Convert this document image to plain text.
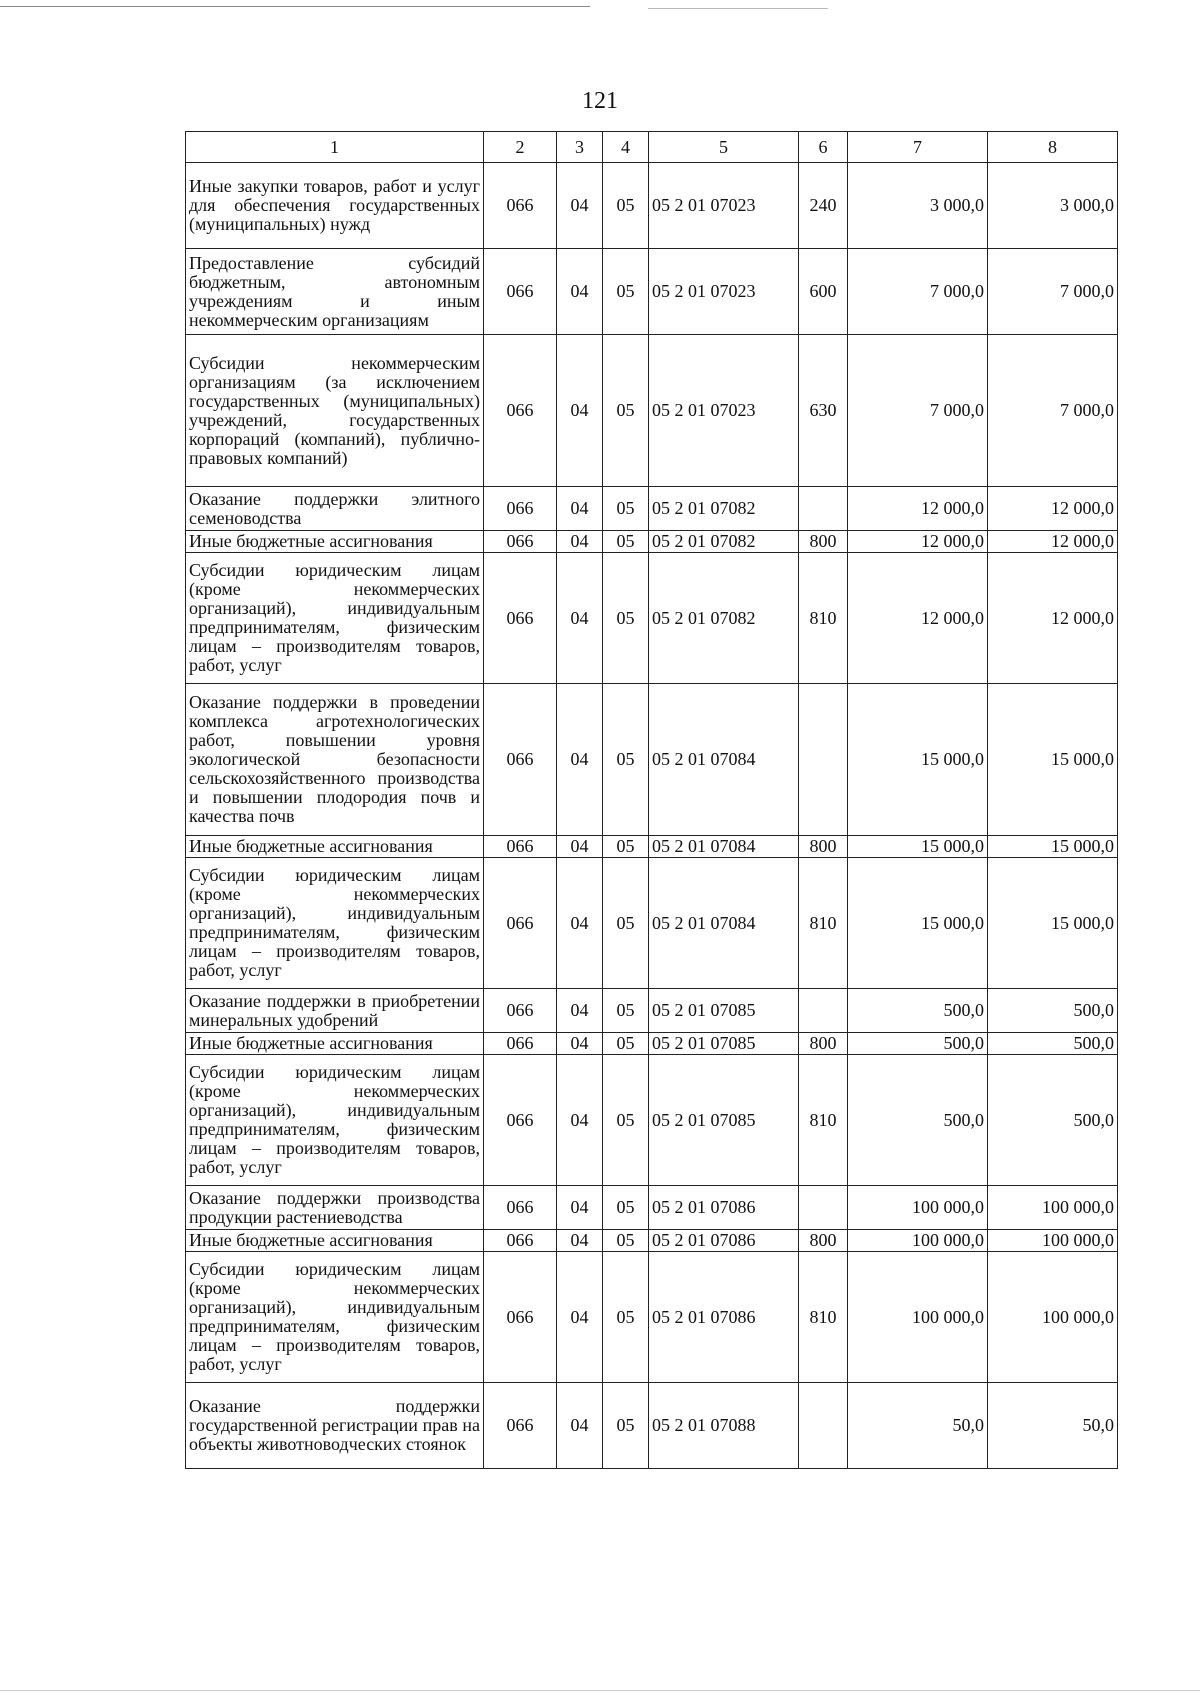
121
1	2	3	4	5	6	7	8
Иные закупки товаров, работ и услуг для обеспечения государственных (муниципальных) нужд	066	04	05	05 2 01 07023	240	3 000,0	3 000,0
Предоставление субсидий бюджетным, автономным учреждениям и иным некоммерческим организациям	066	04	05	05 2 01 07023	600	7 000,0	7 000,0
Субсидии некоммерческим организациям (за исключением государственных (муниципальных) учреждений, государственных корпораций (компаний), публично-правовых компаний)	066	04	05	05 2 01 07023	630	7 000,0	7 000,0
Оказание поддержки элитного семеноводства	066	04	05	05 2 01 07082		12 000,0	12 000,0
Иные бюджетные ассигнования	066	04	05	05 2 01 07082	800	12 000,0	12 000,0
Субсидии юридическим лицам (кроме некоммерческих организаций), индивидуальным предпринимателям, физическим лицам – производителям товаров, работ, услуг	066	04	05	05 2 01 07082	810	12 000,0	12 000,0
Оказание поддержки в проведении комплекса агротехнологических работ, повышении уровня экологической безопасности сельскохозяйственного производства и повышении плодородия почв и качества почв	066	04	05	05 2 01 07084		15 000,0	15 000,0
Иные бюджетные ассигнования	066	04	05	05 2 01 07084	800	15 000,0	15 000,0
Субсидии юридическим лицам (кроме некоммерческих организаций), индивидуальным предпринимателям, физическим лицам – производителям товаров, работ, услуг	066	04	05	05 2 01 07084	810	15 000,0	15 000,0
Оказание поддержки в приобретении минеральных удобрений	066	04	05	05 2 01 07085		500,0	500,0
Иные бюджетные ассигнования	066	04	05	05 2 01 07085	800	500,0	500,0
Субсидии юридическим лицам (кроме некоммерческих организаций), индивидуальным предпринимателям, физическим лицам – производителям товаров, работ, услуг	066	04	05	05 2 01 07085	810	500,0	500,0
Оказание поддержки производства продукции растениеводства	066	04	05	05 2 01 07086		100 000,0	100 000,0
Иные бюджетные ассигнования	066	04	05	05 2 01 07086	800	100 000,0	100 000,0
Субсидии юридическим лицам (кроме некоммерческих организаций), индивидуальным предпринимателям, физическим лицам – производителям товаров, работ, услуг	066	04	05	05 2 01 07086	810	100 000,0	100 000,0
Оказание поддержки государственной регистрации прав на объекты животноводческих стоянок	066	04	05	05 2 01 07088		50,0	50,0
